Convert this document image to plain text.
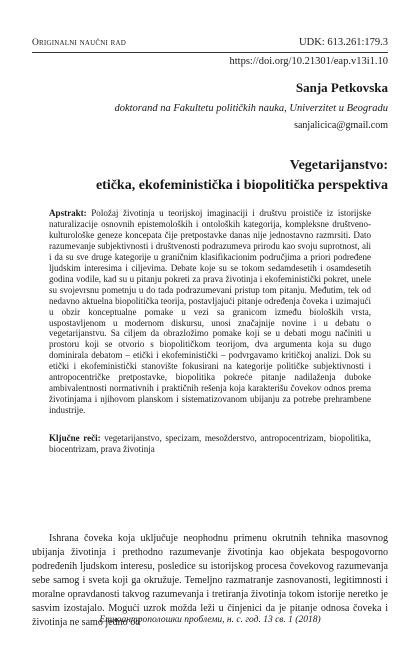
Originalni naučni rad	UDK: 613.261:179.3
https://doi.org/10.21301/eap.v13i1.10
Sanja Petkovska
doktorand na Fakultetu političkih nauka, Univerzitet u Beogradu
sanjalicica@gmail.com
Vegetarijanstvo:
etička, ekofeministička i biopolitička perspektiva
Apstrakt: Položaj životinja u teorijskoj imaginaciji i društvu proističe iz istorijske naturalizacije osnovnih epistemoloških i ontoloških kategorija, kompleksne društveno-kulturološke geneze koncepata čije pretpostavke danas nije jednostavno razmrsiti. Dato razumevanje subjektivnosti i društvenosti podrazumeva prirodu kao svoju suprotnost, ali i da su sve druge kategorije u graničnim klasifikacionim područjima a priori podređene ljudskim interesima i ciljevima. Debate koje su se tokom sedamdesetih i osamdesetih godina vodile, kad su u pitanju pokreti za prava životinja i ekofeministički pokret, unele su svojevrsnu pometnju u do tada podrazumevani pristup tom pitanju. Međutim, tek od nedavno aktuelna biopolitička teorija, postavljajući pitanje određenja čoveka i uzimajući u obzir konceptualne pomake u vezi sa granicom između bioloških vrsta, uspostavljenom u modernom diskursu, unosi značajnije novine i u debatu o vegetarijanstvu. Sa ciljem da obrazložimo pomake koji se u debati mogu načiniti u prostoru koji se otvorio s biopolitičkom teorijom, dva argumenta koja su dugo dominirala debatom – etički i ekofeministički – podvrgavamo kritičkoj analizi. Dok su etički i ekofeministički stanovište fokusirani na kategorije političke subjektivnosti i antropocentričke pretpostavke, biopolitika pokreće pitanje nadilaženja duboke ambivalentnosti normativnih i praktičnih rešenja koja karakterišu čovekov odnos prema životinjama i njihovom planskom i sistematizovanom ubijanju za potrebe prehrambene industrije.
Ključne reči: vegetarijanstvo, specizam, mesožderstvo, antropocentrizam, biopolitika, biocentrizam, prava životinja
Ishrana čoveka koja uključuje neophodnu primenu okrutnih tehnika masovnog ubijanja životinja i prethodno razumevanje životinja kao objekata bespogovorno podređenih ljudskom interesu, posledice su istorijskog procesa čovekovog razumevanja sebe samog i sveta koji ga okružuje. Temeljno razmatranje zasnovanosti, legitimnosti i moralne opravdanosti takvog razumevanja i tretiranja životinja tokom istorije neretko je sasvim izostajalo. Mogući uzrok možda leži u činjenici da je pitanje odnosa čoveka i životinja ne samo jedno od
Етноантрополошки проблеми, н. с. год. 13 св. 1 (2018)
